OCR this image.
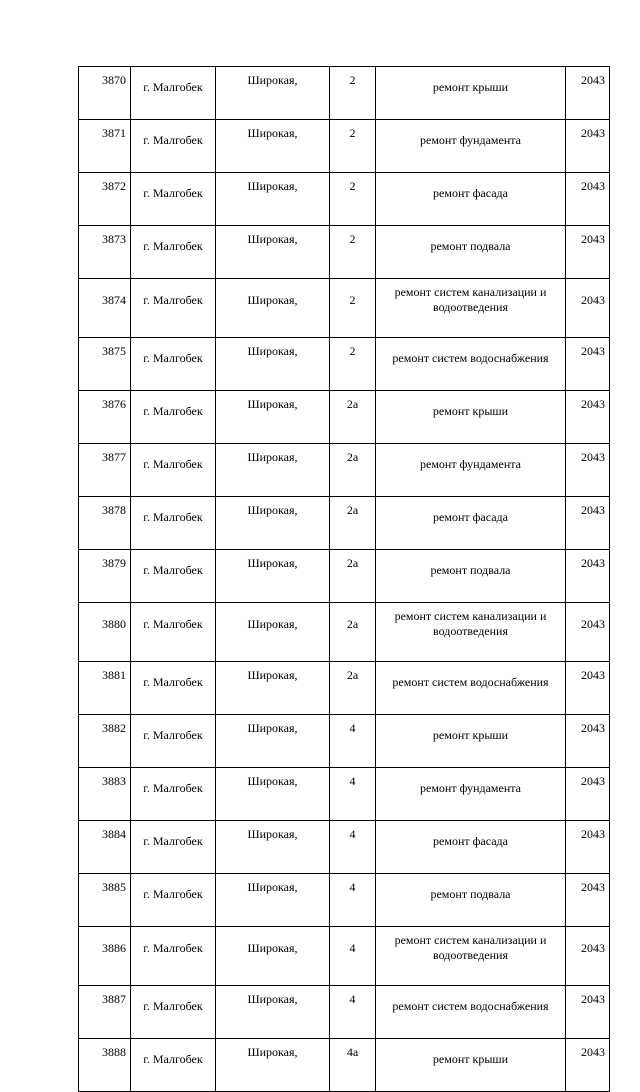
3870	г. Малгобек	Широкая,	2	ремонт крыши	2043
3871	г. Малгобек	Широкая,	2	ремонт фундамента	2043
3872	г. Малгобек	Широкая,	2	ремонт фасада	2043
3873	г. Малгобек	Широкая,	2	ремонт подвала	2043
3874	г. Малгобек	Широкая,	2	ремонт систем канализации и водоотведения	2043
3875	г. Малгобек	Широкая,	2	ремонт систем водоснабжения	2043
3876	г. Малгобек	Широкая,	2а	ремонт крыши	2043
3877	г. Малгобек	Широкая,	2а	ремонт фундамента	2043
3878	г. Малгобек	Широкая,	2а	ремонт фасада	2043
3879	г. Малгобек	Широкая,	2а	ремонт подвала	2043
3880	г. Малгобек	Широкая,	2а	ремонт систем канализации и водоотведения	2043
3881	г. Малгобек	Широкая,	2а	ремонт систем водоснабжения	2043
3882	г. Малгобек	Широкая,	4	ремонт крыши	2043
3883	г. Малгобек	Широкая,	4	ремонт фундамента	2043
3884	г. Малгобек	Широкая,	4	ремонт фасада	2043
3885	г. Малгобек	Широкая,	4	ремонт подвала	2043
3886	г. Малгобек	Широкая,	4	ремонт систем канализации и водоотведения	2043
3887	г. Малгобек	Широкая,	4	ремонт систем водоснабжения	2043
3888	г. Малгобек	Широкая,	4а	ремонт крыши	2043
